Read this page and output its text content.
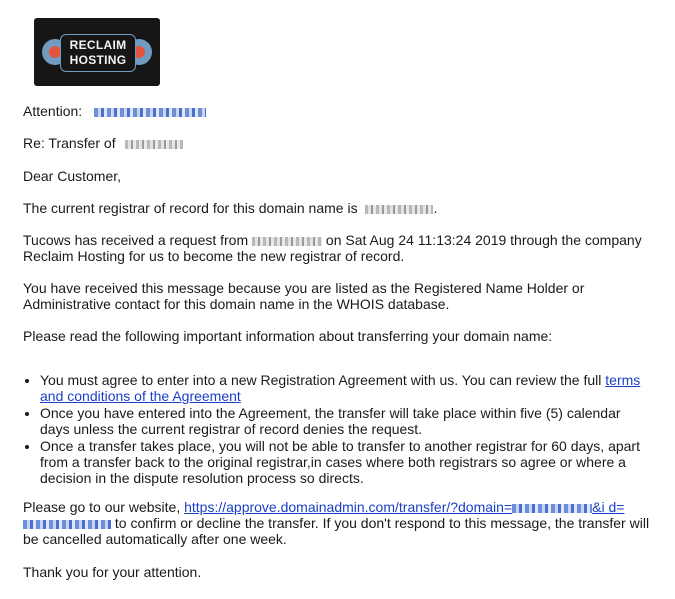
RECLAIM
HOSTING
Attention:
Re: Transfer of
Dear Customer,
The current registrar of record for this domain name is	.
Tucows has received a request from	on Sat Aug 24 11:13:24 2019 through the company Reclaim Hosting for us to become the new registrar of record.
You have received this message because you are listed as the Registered Name Holder or Administrative contact for this domain name in the WHOIS database.
Please read the following important information about transferring your domain name:
Please go to our website, https://approve.domainadmin.com/transfer/?domain=	&i d= to confirm or decline the transfer. If you don't respond to this message, the transfer will be cancelled automatically after one week.
Thank you for your attention.
• You must agree to enter into a new Registration Agreement with us. You can review the full terms and conditions of the Agreement
• Once you have entered into the Agreement, the transfer will take place within five (5) calendar days unless the current registrar of record denies the request.
• Once a transfer takes place, you will not be able to transfer to another registrar for 60 days, apart from a transfer back to the original registrar,in cases where both registrars so agree or where a decision in the dispute resolution process so directs.
